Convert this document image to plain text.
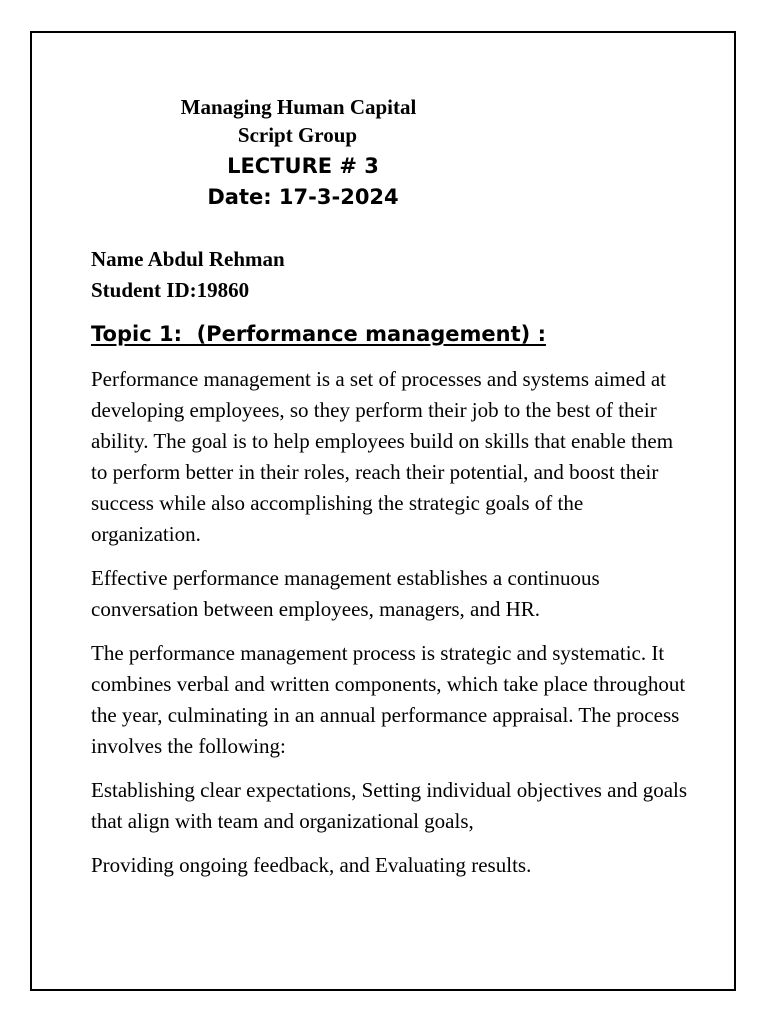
Managing Human Capital
Script Group
LECTURE # 3
Date: 17-3-2024
Name Abdul Rehman
Student ID:19860
Topic 1:  (Performance management) :

Performance management is a set of processes and systems aimed at developing employees, so they perform their job to the best of their ability. The goal is to help employees build on skills that enable them to perform better in their roles, reach their potential, and boost their success while also accomplishing the strategic goals of the organization.

Effective performance management establishes a continuous conversation between employees, managers, and HR.

The performance management process is strategic and systematic. It combines verbal and written components, which take place throughout the year, culminating in an annual performance appraisal. The process involves the following:

Establishing clear expectations, Setting individual objectives and goals that align with team and organizational goals,

Providing ongoing feedback, and Evaluating results.
